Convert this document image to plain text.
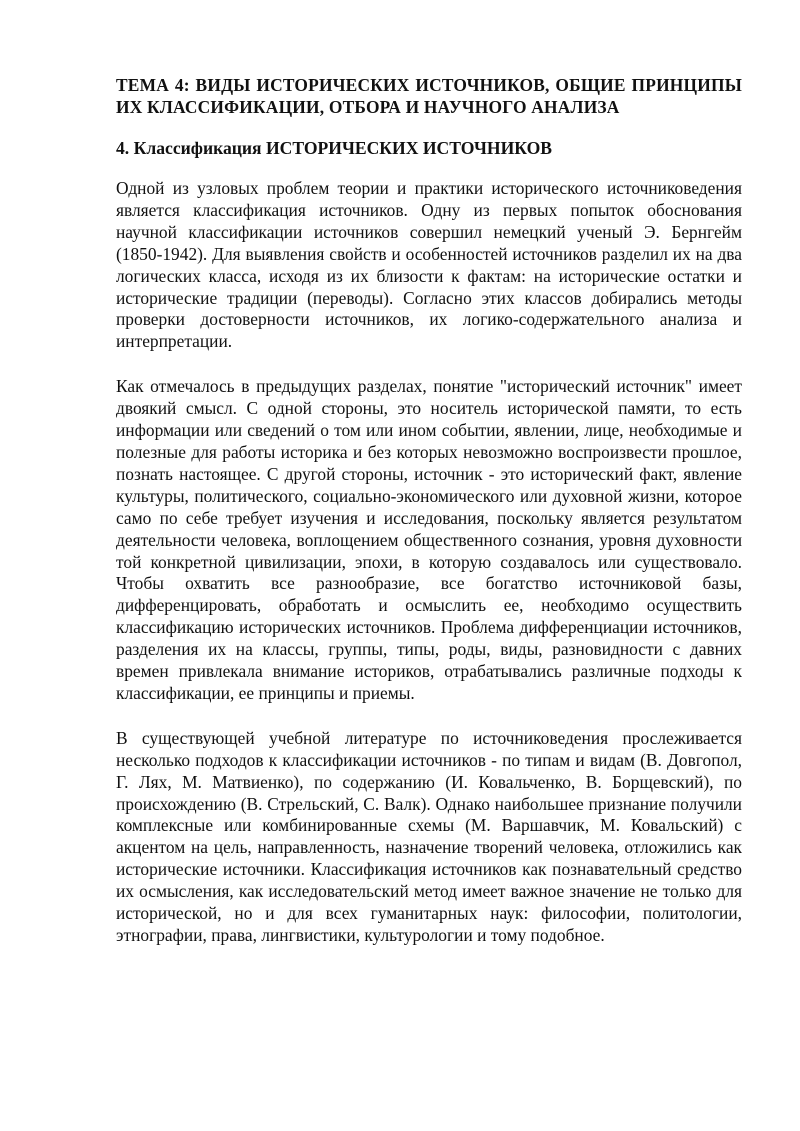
ТЕМА 4: ВИДЫ ИСТОРИЧЕСКИХ ИСТОЧНИКОВ, ОБЩИЕ ПРИНЦИПЫ ИХ КЛАССИФИКАЦИИ, ОТБОРА И НАУЧНОГО АНАЛИЗА
4. Классификация ИСТОРИЧЕСКИХ ИСТОЧНИКОВ

Одной из узловых проблем теории и практики исторического источниковедения является классификация источников. Одну из первых попыток обоснования научной классификации источников совершил немецкий ученый Э. Бернгейм (1850-1942). Для выявления свойств и особенностей источников разделил их на два логических класса, исходя из их близости к фактам: на исторические остатки и исторические традиции (переводы). Согласно этих классов добирались методы проверки достоверности источников, их логико-содержательного анализа и интерпретации.

Как отмечалось в предыдущих разделах, понятие "исторический источник" имеет двоякий смысл. С одной стороны, это носитель исторической памяти, то есть информации или сведений о том или ином событии, явлении, лице, необходимые и полезные для работы историка и без которых невозможно воспроизвести прошлое, познать настоящее. С другой стороны, источник - это исторический факт, явление культуры, политического, социально-экономического или духовной жизни, которое само по себе требует изучения и исследования, поскольку является результатом деятельности человека, воплощением общественного сознания, уровня духовности той конкретной цивилизации, эпохи, в которую создавалось или существовало. Чтобы охватить все разнообразие, все богатство источниковой базы, дифференцировать, обработать и осмыслить ее, необходимо осуществить классификацию исторических источников. Проблема дифференциации источников, разделения их на классы, группы, типы, роды, виды, разновидности с давних времен привлекала внимание историков, отрабатывались различные подходы к классификации, ее принципы и приемы.

В существующей учебной литературе по источниковедения прослеживается несколько подходов к классификации источников - по типам и видам (В. Довгопол, Г. Лях, М. Матвиенко), по содержанию (И. Ковальченко, В. Борщевский), по происхождению (В. Стрельский, С. Валк). Однако наибольшее признание получили комплексные или комбинированные схемы (М. Варшавчик, М. Ковальский) с акцентом на цель, направленность, назначение творений человека, отложились как исторические источники. Классификация источников как познавательный средство их осмысления, как исследовательский метод имеет важное значение не только для исторической, но и для всех гуманитарных наук: философии, политологии, этнографии, права, лингвистики, культурологии и тому подобное.
